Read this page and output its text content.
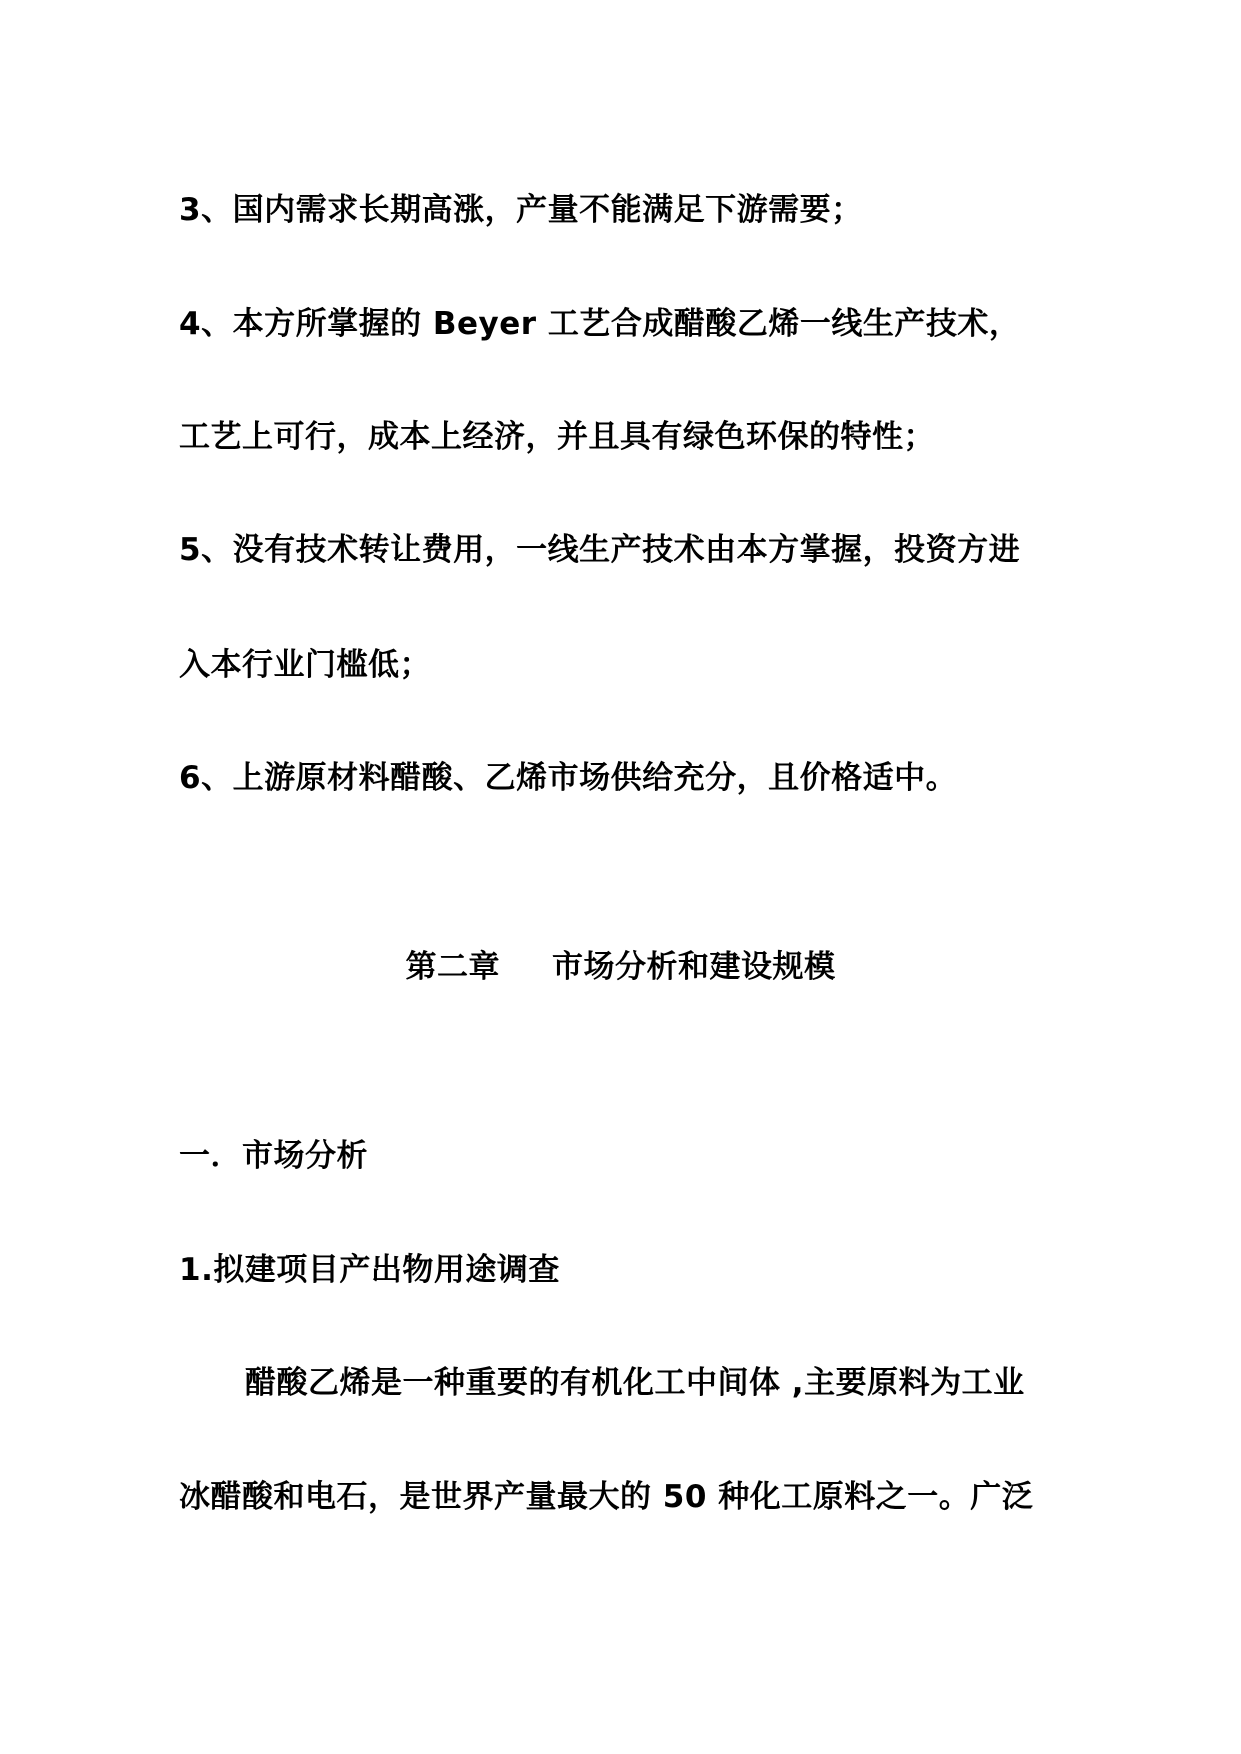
3、国内需求长期高涨，产量不能满足下游需要；
4、本方所掌握的 Beyer 工艺合成醋酸乙烯一线生产技术，
工艺上可行，成本上经济，并且具有绿色环保的特性；
5、没有技术转让费用，一线生产技术由本方掌握，投资方进
入本行业门槛低；
6、上游原材料醋酸、乙烯市场供给充分，且价格适中。
第二章 市场分析和建设规模
一．市场分析
1.拟建项目产出物用途调查
醋酸乙烯是一种重要的有机化工中间体 ,主要原料为工业
冰醋酸和电石，是世界产量最大的 50 种化工原料之一。广泛
